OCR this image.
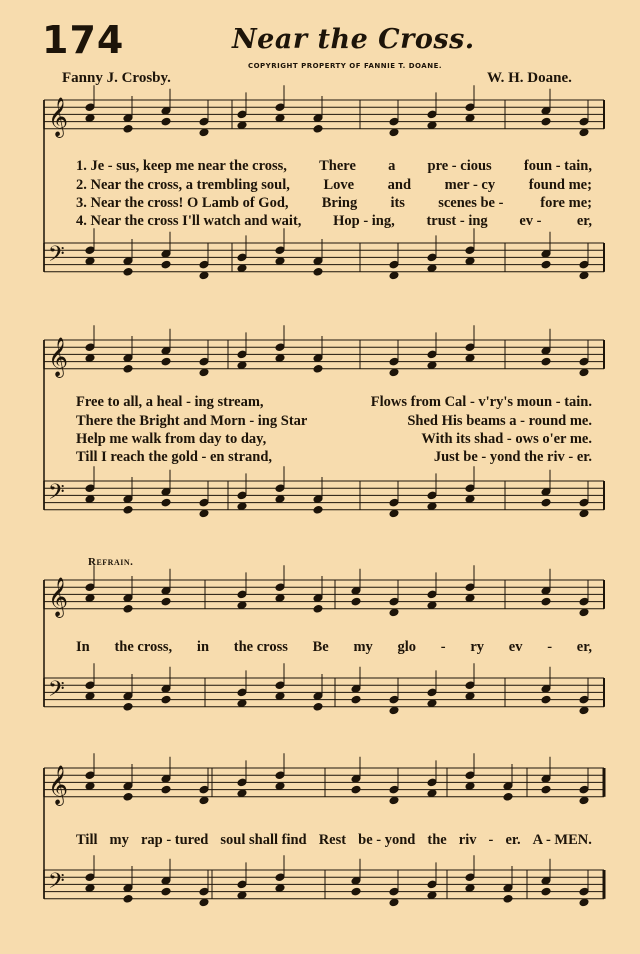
174	Near the Cross.
COPYRIGHT PROPERTY OF FANNIE T. DOANE.
Fanny J. Crosby.	W. H. Doane.
𝄞
𝄢
𝄞
𝄢
𝄞
𝄢
𝄞
𝄢
1. Je - sus, keep me near the cross, There a pre - cious foun - tain,
2. Near the cross, a trembling soul, Love and mer - cy found me;
3. Near the cross! O Lamb of God, Bring its scenes be - fore me;
4. Near the cross I'll watch and wait, Hop - ing, trust - ing ev - er,
Free to all, a heal - ing stream,	Flows from Cal - v'ry's moun - tain.
There the Bright and Morn - ing Star	Shed His beams a - round me.
Help me walk from day to day,	With its shad - ows o'er me.
Till I reach the gold - en strand,	Just be - yond the riv - er.
Refrain.
In the cross, in the cross Be my glo - ry ev - er,
Till my rap - tured soul shall find Rest be - yond the riv - er. A - MEN.
